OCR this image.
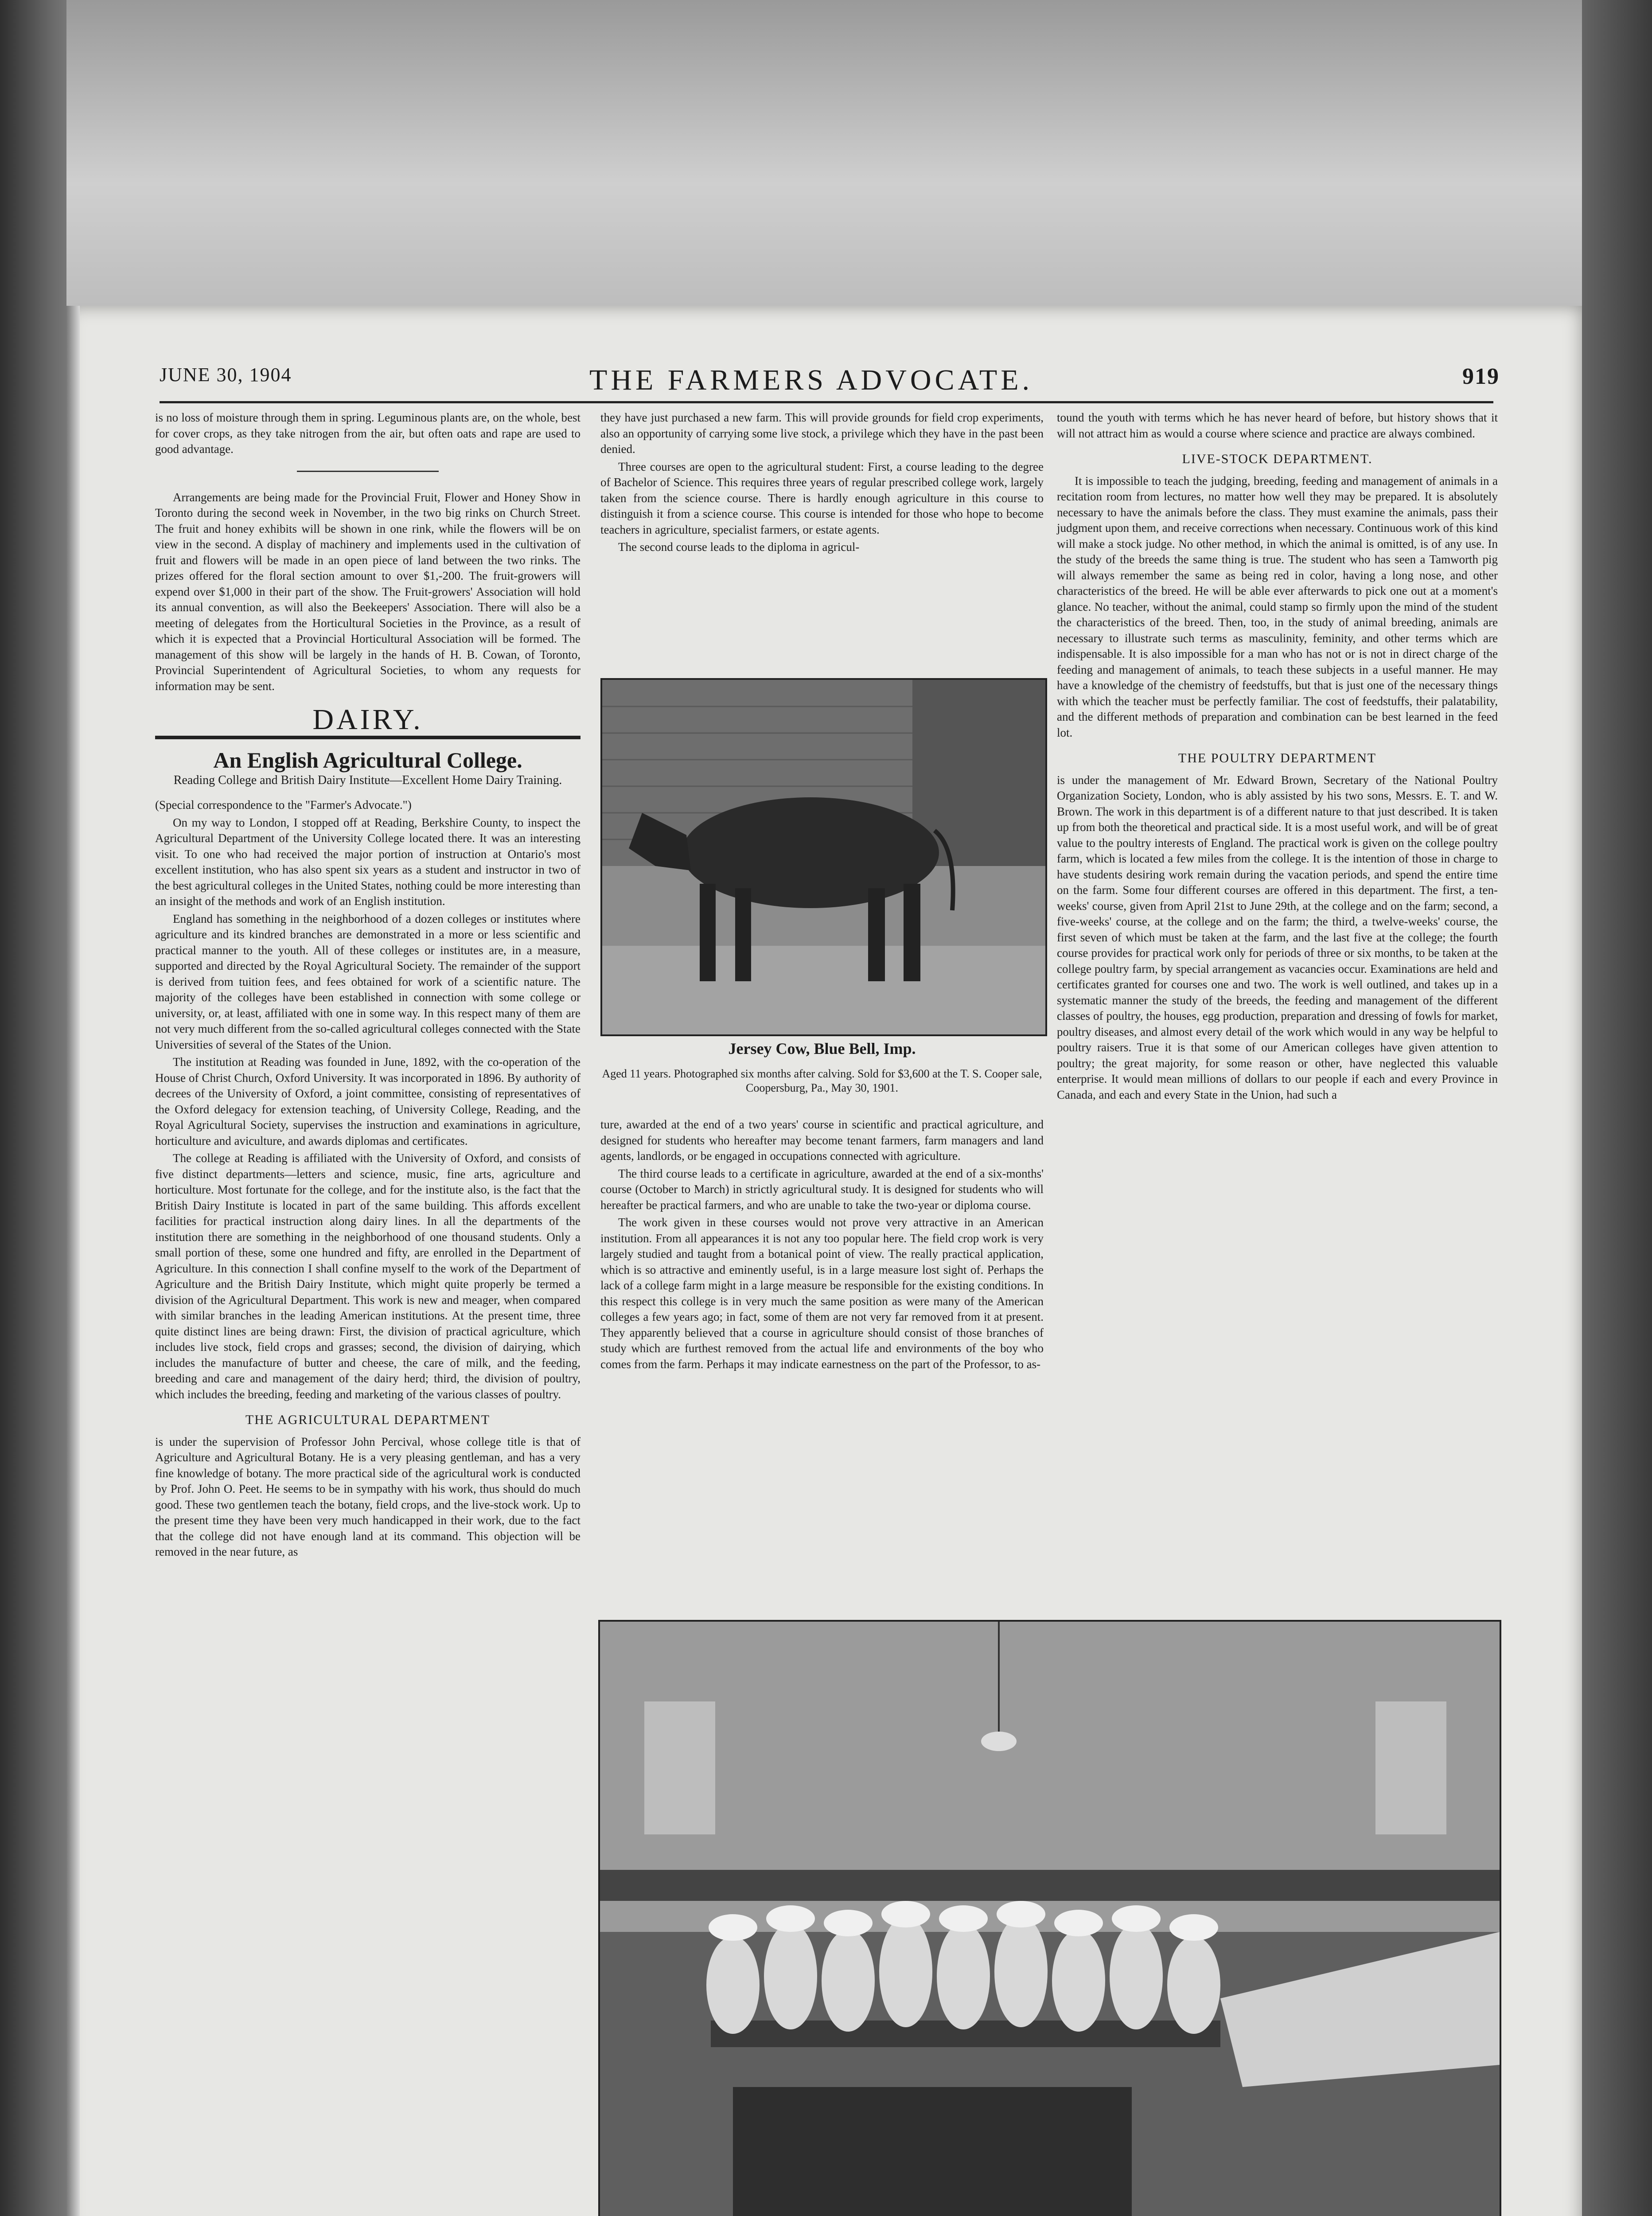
JUNE 30, 1904	THE FARMERS ADVOCATE.	919

is no loss of moisture through them in spring. Leguminous plants are, on the whole, best for cover crops, as they take nitrogen from the air, but often oats and rape are used to good advantage.

Arrangements are being made for the Provincial Fruit, Flower and Honey Show in Toronto during the second week in November, in the two big rinks on Church Street. The fruit and honey exhibits will be shown in one rink, while the flowers will be on view in the second. A display of machinery and implements used in the cultivation of fruit and flowers will be made in an open piece of land between the two rinks. The prizes offered for the floral section amount to over $1,-200. The fruit-growers will expend over $1,000 in their part of the show. The Fruit-growers' Association will hold its annual convention, as will also the Beekeepers' Association. There will also be a meeting of delegates from the Horticultural Societies in the Province, as a result of which it is expected that a Provincial Horticultural Association will be formed. The management of this show will be largely in the hands of H. B. Cowan, of Toronto, Provincial Superintendent of Agricultural Societies, to whom any requests for information may be sent.

DAIRY.
An English Agricultural College.
Reading College and British Dairy Institute—Excellent Home Dairy Training.

(Special correspondence to the "Farmer's Advocate.")

On my way to London, I stopped off at Reading, Berkshire County, to inspect the Agricultural Department of the University College located there. It was an interesting visit. To one who had received the major portion of instruction at Ontario's most excellent institution, who has also spent six years as a student and instructor in two of the best agricultural colleges in the United States, nothing could be more interesting than an insight of the methods and work of an English institution.

England has something in the neighborhood of a dozen colleges or institutes where agriculture and its kindred branches are demonstrated in a more or less scientific and practical manner to the youth. All of these colleges or institutes are, in a measure, supported and directed by the Royal Agricultural Society. The remainder of the support is derived from tuition fees, and fees obtained for work of a scientific nature. The majority of the colleges have been established in connection with some college or university, or, at least, affiliated with one in some way. In this respect many of them are not very much different from the so-called agricultural colleges connected with the State Universities of several of the States of the Union.

The institution at Reading was founded in June, 1892, with the co-operation of the House of Christ Church, Oxford University. It was incorporated in 1896. By authority of decrees of the University of Oxford, a joint committee, consisting of representatives of the Oxford delegacy for extension teaching, of University College, Reading, and the Royal Agricultural Society, supervises the instruction and examinations in agriculture, horticulture and aviculture, and awards diplomas and certificates.

The college at Reading is affiliated with the University of Oxford, and consists of five distinct departments—letters and science, music, fine arts, agriculture and horticulture. Most fortunate for the college, and for the institute also, is the fact that the British Dairy Institute is located in part of the same building. This affords excellent facilities for practical instruction along dairy lines. In all the departments of the institution there are something in the neighborhood of one thousand students. Only a small portion of these, some one hundred and fifty, are enrolled in the Department of Agriculture. In this connection I shall confine myself to the work of the Department of Agriculture and the British Dairy Institute, which might quite properly be termed a division of the Agricultural Department. This work is new and meager, when compared with similar branches in the leading American institutions. At the present time, three quite distinct lines are being drawn: First, the division of practical agriculture, which includes live stock, field crops and grasses; second, the division of dairying, which includes the manufacture of butter and cheese, the care of milk, and the feeding, breeding and care and management of the dairy herd; third, the division of poultry, which includes the breeding, feeding and marketing of the various classes of poultry.

THE AGRICULTURAL DEPARTMENT

is under the supervision of Professor John Percival, whose college title is that of Agriculture and Agricultural Botany. He is a very pleasing gentleman, and has a very fine knowledge of botany. The more practical side of the agricultural work is conducted by Prof. John O. Peet. He seems to be in sympathy with his work, thus should do much good. These two gentlemen teach the botany, field crops, and the live-stock work. Up to the present time they have been very much handicapped in their work, due to the fact that the college did not have enough land at its command. This objection will be removed in the near future, as

they have just purchased a new farm. This will provide grounds for field crop experiments, also an opportunity of carrying some live stock, a privilege which they have in the past been denied.

Three courses are open to the agricultural student: First, a course leading to the degree of Bachelor of Science. This requires three years of regular prescribed college work, largely taken from the science course. There is hardly enough agriculture in this course to distinguish it from a science course. This course is intended for those who hope to become teachers in agriculture, specialist farmers, or estate agents.

The second course leads to the diploma in agricul-

Jersey Cow, Blue Bell, Imp.
Aged 11 years. Photographed six months after calving. Sold for $3,600 at the T. S. Cooper sale, Coopersburg, Pa., May 30, 1901.

ture, awarded at the end of a two years' course in scientific and practical agriculture, and designed for students who hereafter may become tenant farmers, farm managers and land agents, landlords, or be engaged in occupations connected with agriculture.

The third course leads to a certificate in agriculture, awarded at the end of a six-months' course (October to March) in strictly agricultural study. It is designed for students who will hereafter be practical farmers, and who are unable to take the two-year or diploma course.

The work given in these courses would not prove very attractive in an American institution. From all appearances it is not any too popular here. The field crop work is very largely studied and taught from a botanical point of view. The really practical application, which is so attractive and eminently useful, is in a large measure lost sight of. Perhaps the lack of a college farm might in a large measure be responsible for the existing conditions. In this respect this college is in very much the same position as were many of the American colleges a few years ago; in fact, some of them are not very far removed from it at present. They apparently believed that a course in agriculture should consist of those branches of study which are furthest removed from the actual life and environments of the boy who comes from the farm. Perhaps it may indicate earnestness on the part of the Professor, to as-

tound the youth with terms which he has never heard of before, but history shows that it will not attract him as would a course where science and practice are always combined.

LIVE-STOCK DEPARTMENT.

It is impossible to teach the judging, breeding, feeding and management of animals in a recitation room from lectures, no matter how well they may be prepared. It is absolutely necessary to have the animals before the class. They must examine the animals, pass their judgment upon them, and receive corrections when necessary. Continuous work of this kind will make a stock judge. No other method, in which the animal is omitted, is of any use. In the study of the breeds the same thing is true. The student who has seen a Tamworth pig will always remember the same as being red in color, having a long nose, and other characteristics of the breed. He will be able ever afterwards to pick one out at a moment's glance. No teacher, without the animal, could stamp so firmly upon the mind of the student the characteristics of the breed. Then, too, in the study of animal breeding, animals are necessary to illustrate such terms as masculinity, feminity, and other terms which are indispensable. It is also impossible for a man who has not or is not in direct charge of the feeding and management of animals, to teach these subjects in a useful manner. He may have a knowledge of the chemistry of feedstuffs, but that is just one of the necessary things with which the teacher must be perfectly familiar. The cost of feedstuffs, their palatability, and the different methods of preparation and combination can be best learned in the feed lot.

THE POULTRY DEPARTMENT

is under the management of Mr. Edward Brown, Secretary of the National Poultry Organization Society, London, who is ably assisted by his two sons, Messrs. E. T. and W. Brown. The work in this department is of a different nature to that just described. It is taken up from both the theoretical and practical side. It is a most useful work, and will be of great value to the poultry interests of England. The practical work is given on the college poultry farm, which is located a few miles from the college. It is the intention of those in charge to have students desiring work remain during the vacation periods, and spend the entire time on the farm. Some four different courses are offered in this department. The first, a ten-weeks' course, given from April 21st to June 29th, at the college and on the farm; second, a five-weeks' course, at the college and on the farm; the third, a twelve-weeks' course, the first seven of which must be taken at the farm, and the last five at the college; the fourth course provides for practical work only for periods of three or six months, to be taken at the college poultry farm, by special arrangement as vacancies occur. Examinations are held and certificates granted for courses one and two. The work is well outlined, and takes up in a systematic manner the study of the breeds, the feeding and management of the different classes of poultry, the houses, egg production, preparation and dressing of fowls for market, poultry diseases, and almost every detail of the work which would in any way be helpful to poultry raisers. True it is that some of our American colleges have given attention to poultry; the great majority, for some reason or other, have neglected this valuable enterprise. It would mean millions of dollars to our people if each and every Province in Canada, and each and every State in the Union, had such a
